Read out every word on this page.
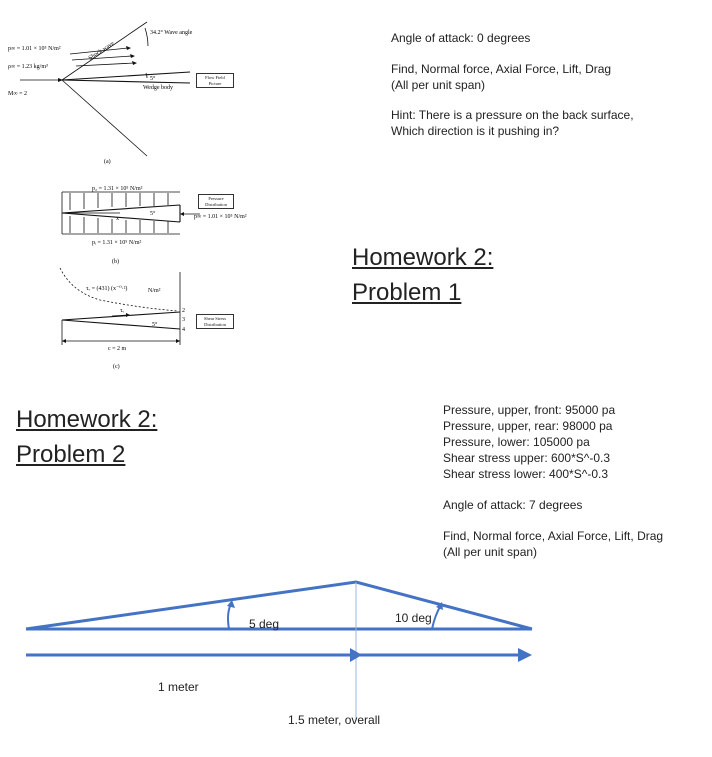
Angle of attack: 0 degrees
Find, Normal force, Axial Force, Lift, Drag
(All per unit span)
Hint: There is a pressure on the back surface,
Which direction is it pushing in?
Homework 2:
Problem 1
p∞ = 1.01 × 10⁵ N/m²
ρ∞ = 1.23 kg/m³
M∞ = 2
Shock wave
34.2° Wave angle
5°
Wedge body
(a)
p₂ = 1.31 × 10⁵ N/m²
p∞ = 1.01 × 10⁵ N/m²
pᵢ = 1.31 × 10⁵ N/m²
x
5°
(b)
τᵥ = (431) (x⁻⁰·²)	N/m²
τᵥ
5°
2
3
4
c = 2 m
(c)
Flow Field Picture
Pressure Distribution
Shear Stress Distribution
Homework 2:
Problem 2
Pressure, upper, front: 95000 pa
Pressure, upper, rear: 98000 pa
Pressure, lower: 105000 pa
Shear stress upper: 600*S^-0.3
Shear stress lower: 400*S^-0.3
Angle of attack: 7 degrees
Find, Normal force, Axial Force, Lift, Drag
(All per unit span)
5 deg	10 deg
1 meter
1.5 meter, overall
